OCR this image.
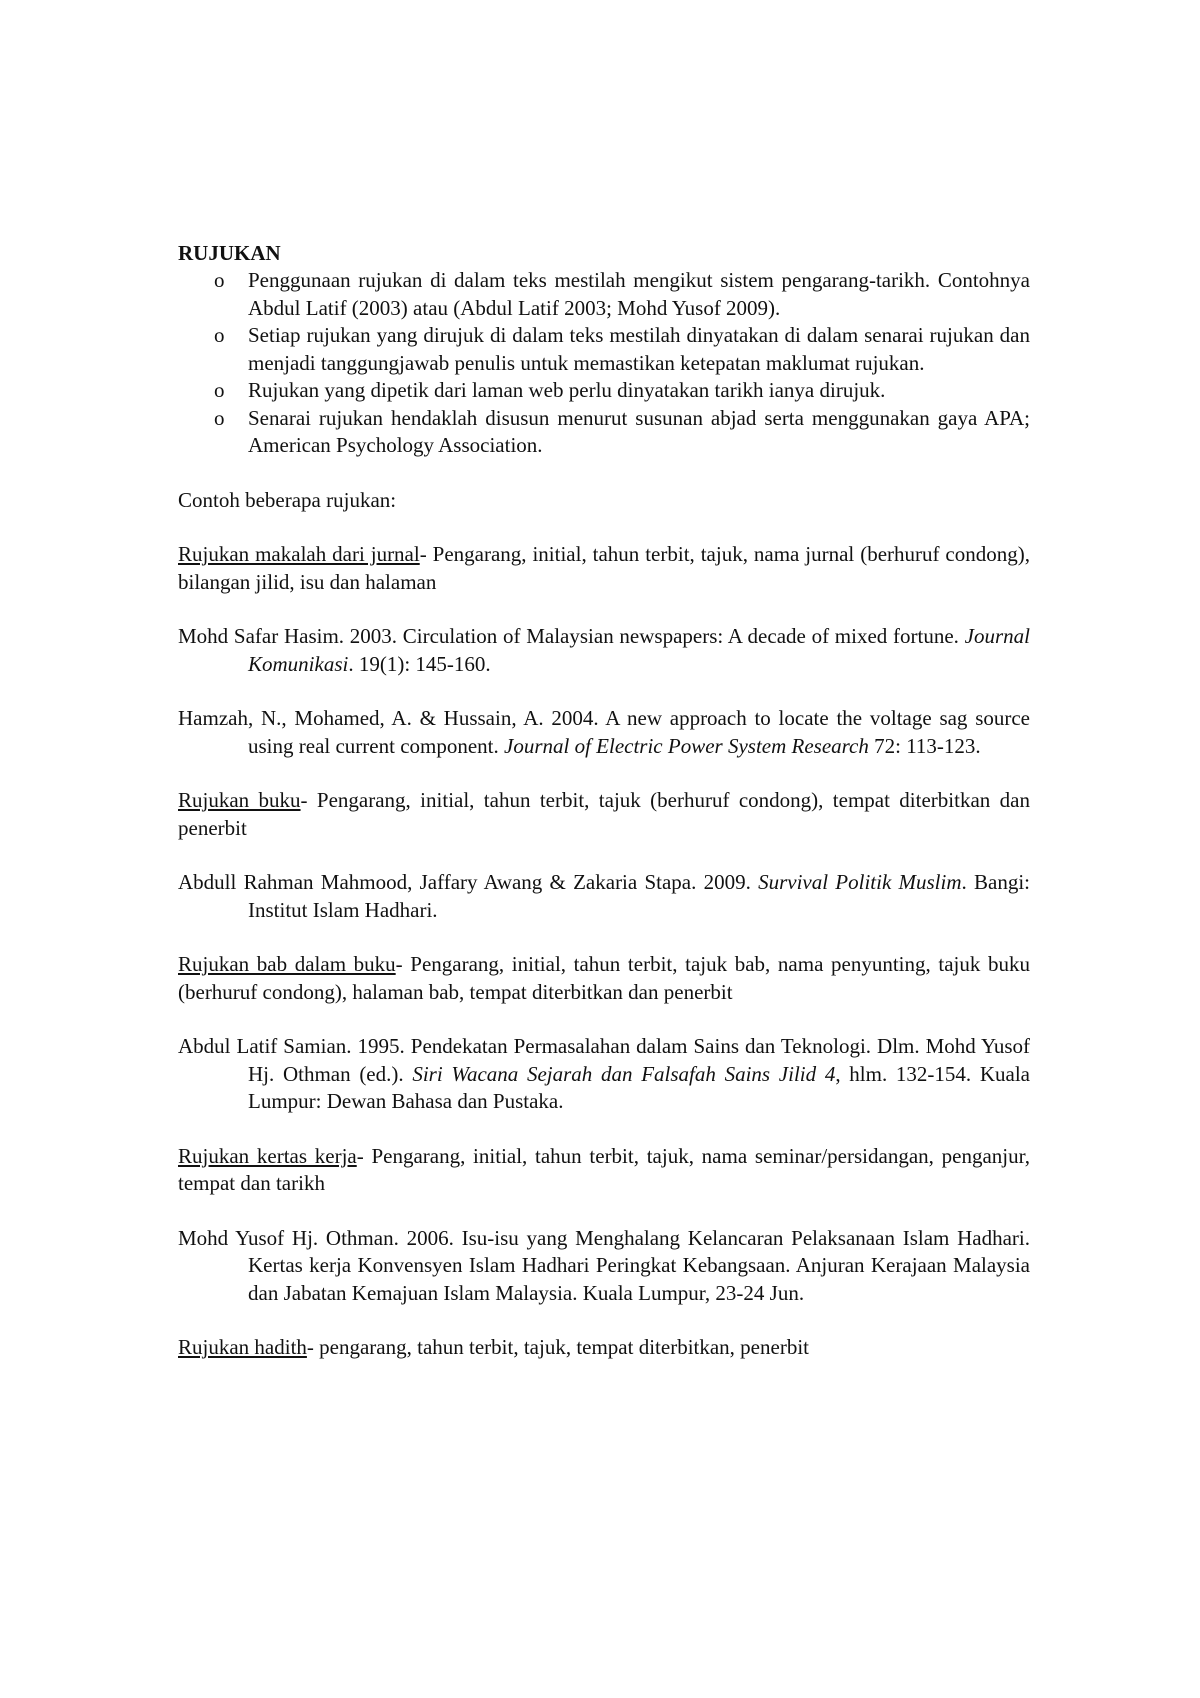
RUJUKAN

o Penggunaan rujukan di dalam teks mestilah mengikut sistem pengarang-tarikh. Contohnya Abdul Latif (2003) atau (Abdul Latif 2003; Mohd Yusof 2009).
o Setiap rujukan yang dirujuk di dalam teks mestilah dinyatakan di dalam senarai rujukan dan menjadi tanggungjawab penulis untuk memastikan ketepatan maklumat rujukan.
o Rujukan yang dipetik dari laman web perlu dinyatakan tarikh ianya dirujuk.
o Senarai rujukan hendaklah disusun menurut susunan abjad serta menggunakan gaya APA; American Psychology Association.

Contoh beberapa rujukan:

Rujukan makalah dari jurnal- Pengarang, initial, tahun terbit, tajuk, nama jurnal (berhuruf condong), bilangan jilid, isu dan halaman

Mohd Safar Hasim. 2003. Circulation of Malaysian newspapers: A decade of mixed fortune. Journal Komunikasi. 19(1): 145-160.

Hamzah, N., Mohamed, A. & Hussain, A. 2004. A new approach to locate the voltage sag source using real current component. Journal of Electric Power System Research 72: 113-123.

Rujukan buku- Pengarang, initial, tahun terbit, tajuk (berhuruf condong), tempat diterbitkan dan penerbit

Abdull Rahman Mahmood, Jaffary Awang & Zakaria Stapa. 2009. Survival Politik Muslim. Bangi: Institut Islam Hadhari.

Rujukan bab dalam buku- Pengarang, initial, tahun terbit, tajuk bab, nama penyunting, tajuk buku (berhuruf condong), halaman bab, tempat diterbitkan dan penerbit

Abdul Latif Samian. 1995. Pendekatan Permasalahan dalam Sains dan Teknologi. Dlm. Mohd Yusof Hj. Othman (ed.). Siri Wacana Sejarah dan Falsafah Sains Jilid 4, hlm. 132-154. Kuala Lumpur: Dewan Bahasa dan Pustaka.

Rujukan kertas kerja- Pengarang, initial, tahun terbit, tajuk, nama seminar/persidangan, penganjur, tempat dan tarikh

Mohd Yusof Hj. Othman. 2006. Isu-isu yang Menghalang Kelancaran Pelaksanaan Islam Hadhari. Kertas kerja Konvensyen Islam Hadhari Peringkat Kebangsaan. Anjuran Kerajaan Malaysia dan Jabatan Kemajuan Islam Malaysia. Kuala Lumpur, 23-24 Jun.

Rujukan hadith- pengarang, tahun terbit, tajuk, tempat diterbitkan, penerbit
